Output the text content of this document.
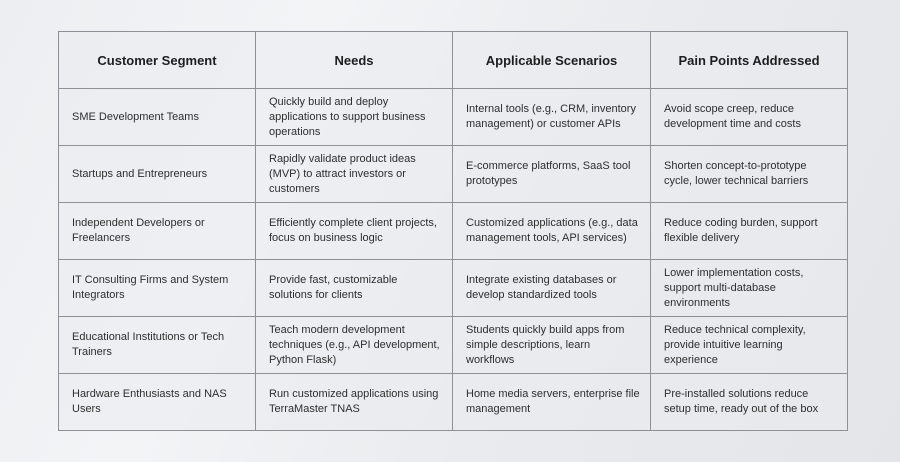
Customer Segment	Needs	Applicable Scenarios	Pain Points Addressed

SME Development Teams	Quickly build and deploy applications to support business operations	Internal tools (e.g., CRM, inventory management) or customer APIs	Avoid scope creep, reduce development time and costs

Startups and Entrepreneurs	Rapidly validate product ideas (MVP) to attract investors or customers	E-commerce platforms, SaaS tool prototypes	Shorten concept-to-prototype cycle, lower technical barriers

Independent Developers or Freelancers	Efficiently complete client projects, focus on business logic	Customized applications (e.g., data management tools, API services)	Reduce coding burden, support flexible delivery

IT Consulting Firms and System Integrators	Provide fast, customizable solutions for clients	Integrate existing databases or develop standardized tools	Lower implementation costs, support multi-database environments

Educational Institutions or Tech Trainers	Teach modern development techniques (e.g., API development, Python Flask)	Students quickly build apps from simple descriptions, learn workflows	Reduce technical complexity, provide intuitive learning experience

Hardware Enthusiasts and NAS Users	Run customized applications using TerraMaster TNAS	Home media servers, enterprise file management	Pre-installed solutions reduce setup time, ready out of the box
